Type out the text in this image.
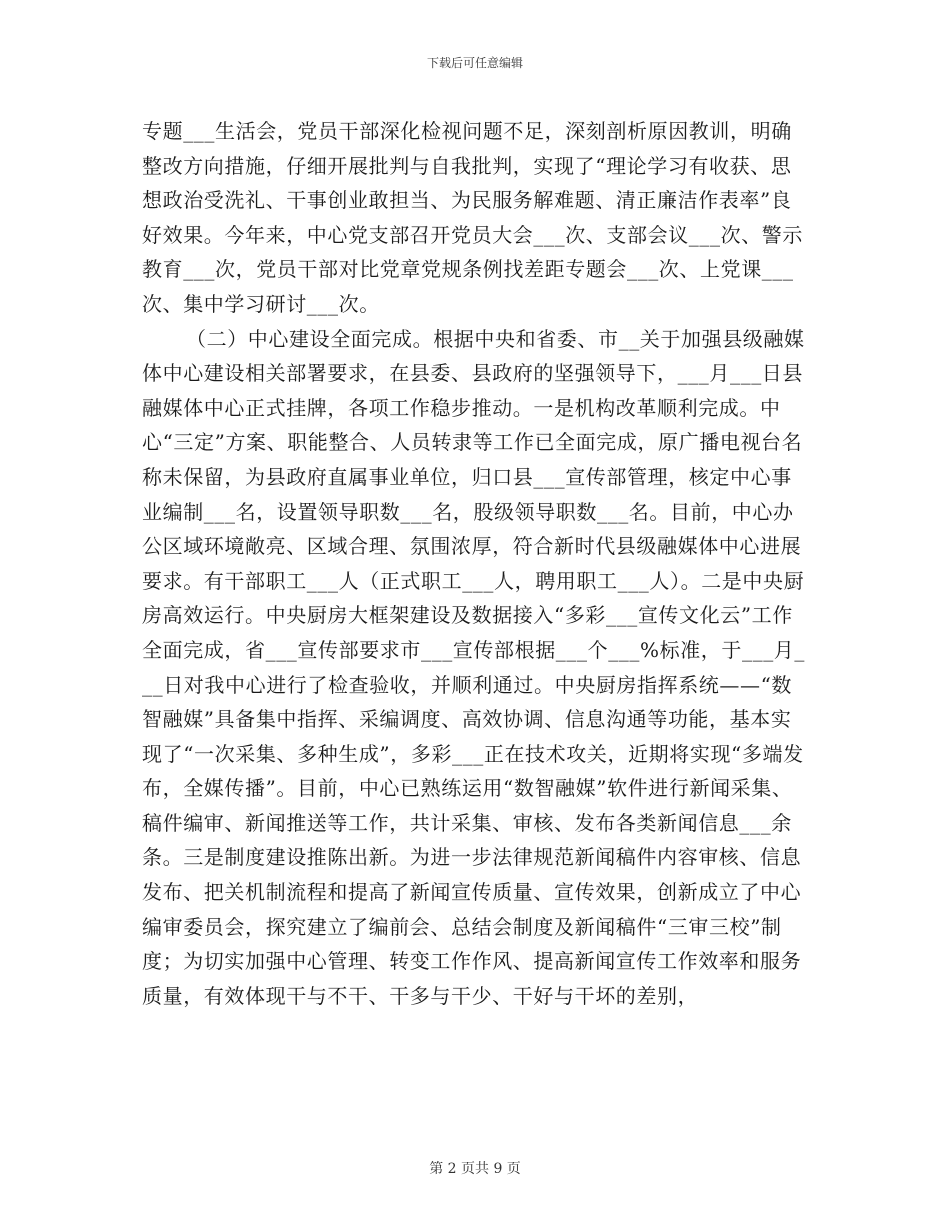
下载后可任意编辑

专题___生活会，党员干部深化检视问题不足，深刻剖析原因教训，明确整改方向措施，仔细开展批判与自我批判，实现了“理论学习有收获、思想政治受洗礼、干事创业敢担当、为民服务解难题、清正廉洁作表率”良好效果。今年来，中心党支部召开党员大会___次、支部会议___次、警示教育___次，党员干部对比党章党规条例找差距专题会___次、上党课___次、集中学习研讨___次。

（二）中心建设全面完成。根据中央和省委、市__关于加强县级融媒体中心建设相关部署要求，在县委、县政府的坚强领导下，___月___日县融媒体中心正式挂牌，各项工作稳步推动。一是机构改革顺利完成。中心“三定”方案、职能整合、人员转隶等工作已全面完成，原广播电视台名称未保留，为县政府直属事业单位，归口县___宣传部管理，核定中心事业编制___名，设置领导职数___名，股级领导职数___名。目前，中心办公区域环境敞亮、区域合理、氛围浓厚，符合新时代县级融媒体中心进展要求。有干部职工___人（正式职工___人，聘用职工___人）。二是中央厨房高效运行。中央厨房大框架建设及数据接入“多彩___宣传文化云”工作全面完成，省___宣传部要求市___宣传部根据___个___%标准，于___月___日对我中心进行了检查验收，并顺利通过。中央厨房指挥系统——“数智融媒”具备集中指挥、采编调度、高效协调、信息沟通等功能，基本实现了“一次采集、多种生成”，多彩___正在技术攻关，近期将实现“多端发布，全媒传播”。目前，中心已熟练运用“数智融媒”软件进行新闻采集、稿件编审、新闻推送等工作，共计采集、审核、发布各类新闻信息___余条。三是制度建设推陈出新。为进一步法律规范新闻稿件内容审核、信息发布、把关机制流程和提高了新闻宣传质量、宣传效果，创新成立了中心编审委员会，探究建立了编前会、总结会制度及新闻稿件“三审三校”制度；为切实加强中心管理、转变工作作风、提高新闻宣传工作效率和服务质量，有效体现干与不干、干多与干少、干好与干坏的差别，

第 2 页共 9 页
